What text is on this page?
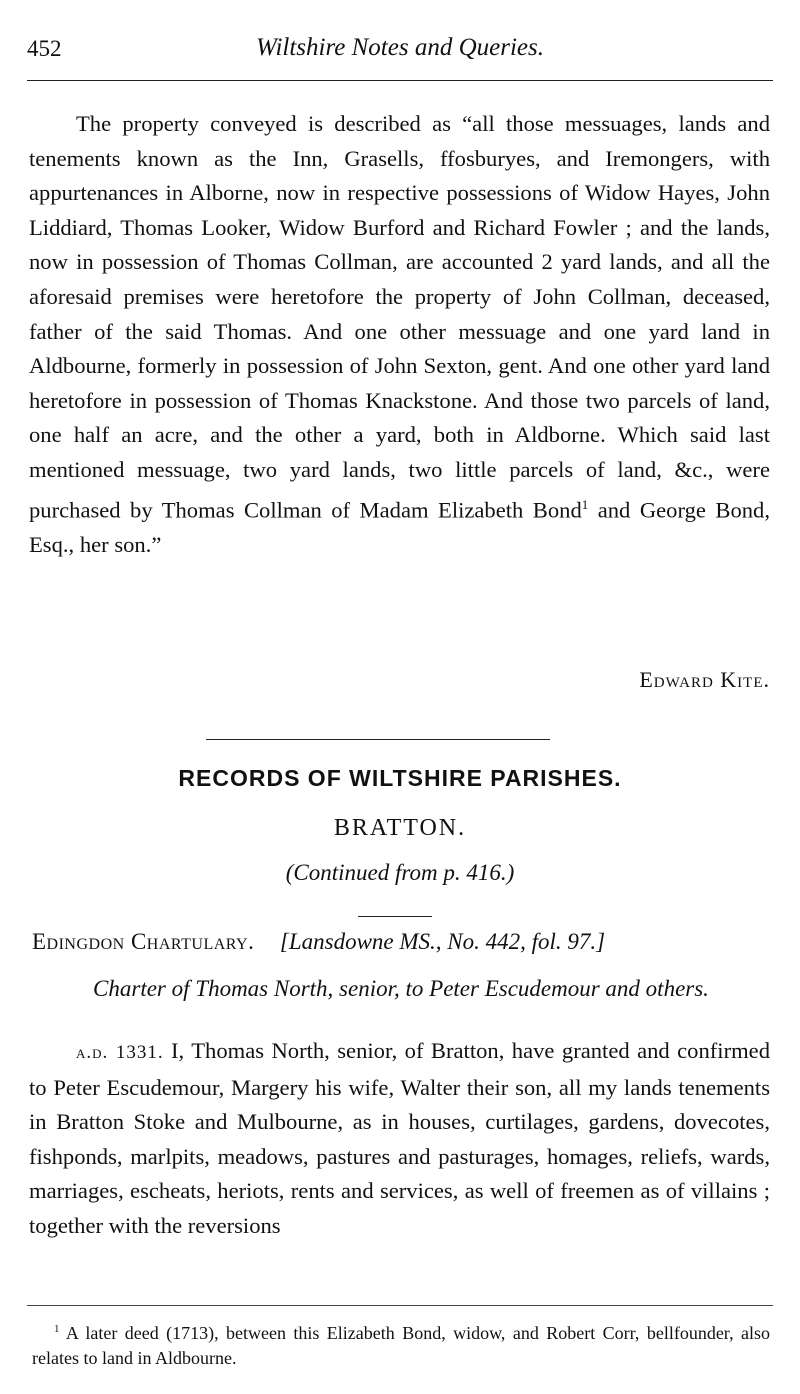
452	Wiltshire Notes and Queries.
The property conveyed is described as “all those messuages, lands and tenements known as the Inn, Grasells, ffosburyes, and Iremongers, with appurtenances in Alborne, now in respective possessions of Widow Hayes, John Liddiard, Thomas Looker, Widow Burford and Richard Fowler ; and the lands, now in possession of Thomas Collman, are accounted 2 yard lands, and all the aforesaid premises were heretofore the property of John Collman, deceased, father of the said Thomas. And one other messuage and one yard land in Aldbourne, formerly in possession of John Sexton, gent. And one other yard land heretofore in possession of Thomas Knackstone. And those two parcels of land, one half an acre, and the other a yard, both in Aldborne. Which said last mentioned messuage, two yard lands, two little parcels of land, &c., were purchased by Thomas Collman of Madam Elizabeth Bond$^1$ and George Bond, Esq., her son.”
Edward Kite.
RECORDS OF WILTSHIRE PARISHES.
BRATTON.
(Continued from p. 416.)
Edingdon Chartulary. [Lansdowne MS., No. 442, fol. 97.]
Charter of Thomas North, senior, to Peter Escudemour and others.
a.d. 1331. I, Thomas North, senior, of Bratton, have granted and confirmed to Peter Escudemour, Margery his wife, Walter their son, all my lands tenements in Bratton Stoke and Mulbourne, as in houses, curtilages, gardens, dovecotes, fishponds, marlpits, meadows, pastures and pasturages, homages, reliefs, wards, marriages, escheats, heriots, rents and services, as well of freemen as of villains ; together with the reversions
$^1$ A later deed (1713), between this Elizabeth Bond, widow, and Robert Corr, bellfounder, also relates to land in Aldbourne.
